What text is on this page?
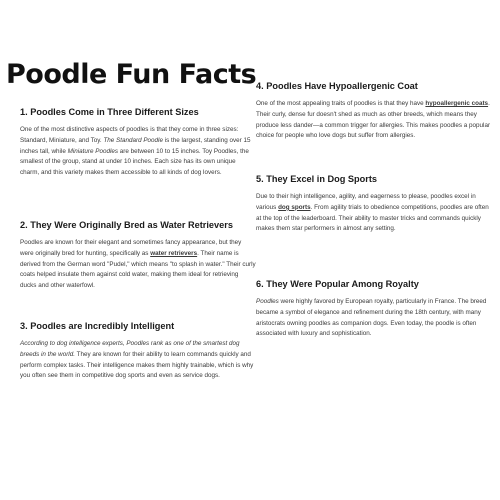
Poodle Fun Facts
1. Poodles Come in Three Different Sizes

One of the most distinctive aspects of poodles is that they come in three sizes: Standard, Miniature, and Toy. The Standard Poodle is the largest, standing over 15 inches tall, while Miniature Poodles are between 10 to 15 inches. Toy Poodles, the smallest of the group, stand at under 10 inches. Each size has its own unique charm, and this variety makes them accessible to all kinds of dog lovers.

2. They Were Originally Bred as Water Retrievers

Poodles are known for their elegant and sometimes fancy appearance, but they were originally bred for hunting, specifically as water retrievers. Their name is derived from the German word "Pudel," which means "to splash in water." Their curly coats helped insulate them against cold water, making them ideal for retrieving ducks and other waterfowl.

3. Poodles are Incredibly Intelligent

According to dog intelligence experts, Poodles rank as one of the smartest dog breeds in the world. They are known for their ability to learn commands quickly and perform complex tasks. Their intelligence makes them highly trainable, which is why you often see them in competitive dog sports and even as service dogs.

4. Poodles Have Hypoallergenic Coat

One of the most appealing traits of poodles is that they have hypoallergenic coats. Their curly, dense fur doesn't shed as much as other breeds, which means they produce less dander—a common trigger for allergies. This makes poodles a popular choice for people who love dogs but suffer from allergies.

5. They Excel in Dog Sports

Due to their high intelligence, agility, and eagerness to please, poodles excel in various dog sports. From agility trials to obedience competitions, poodles are often at the top of the leaderboard. Their ability to master tricks and commands quickly makes them star performers in almost any setting.

6. They Were Popular Among Royalty

Poodles were highly favored by European royalty, particularly in France. The breed became a symbol of elegance and refinement during the 18th century, with many aristocrats owning poodles as companion dogs. Even today, the poodle is often associated with luxury and sophistication.
